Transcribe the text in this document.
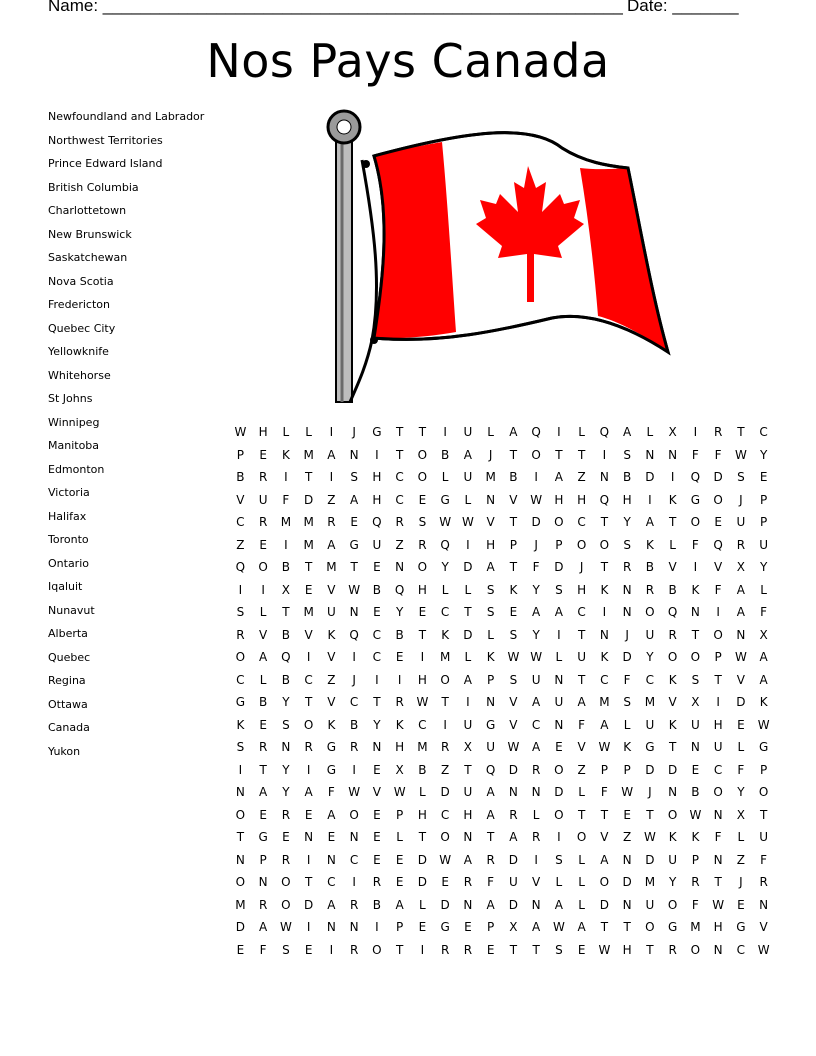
Name: _______________________________________________________ Date: _______
Nos Pays Canada
Newfoundland and Labrador
Northwest Territories
Prince Edward Island
British Columbia
Charlottetown
New Brunswick
Saskatchewan
Nova Scotia
Fredericton
Quebec City
Yellowknife
Whitehorse
St Johns
Winnipeg
Manitoba
Edmonton
Victoria
Halifax
Toronto
Ontario
Iqaluit
Nunavut
Alberta
Quebec
Regina
Ottawa
Canada
Yukon
W	H	L	L	I	J	G	T	T	I	U	L	A	Q	I	L	Q	A	L	X	I	R	T	C
P	E	K	M	A	N	I	T	O	B	A	J	T	O	T	T	I	S	N	N	F	F	W	Y
B	R	I	T	I	S	H	C	O	L	U	M	B	I	A	Z	N	B	D	I	Q	D	S	E
V	U	F	D	Z	A	H	C	E	G	L	N	V	W	H	H	Q	H	I	K	G	O	J	P
C	R	M	M	R	E	Q	R	S	W	W	V	T	D	O	C	T	Y	A	T	O	E	U	P
Z	E	I	M	A	G	U	Z	R	Q	I	H	P	J	P	O	O	S	K	L	F	Q	R	U
Q	O	B	T	M	T	E	N	O	Y	D	A	T	F	D	J	T	R	B	V	I	V	X	Y
I	I	X	E	V	W	B	Q	H	L	L	S	K	Y	S	H	K	N	R	B	K	F	A	L
S	L	T	M	U	N	E	Y	E	C	T	S	E	A	A	C	I	N	O	Q	N	I	A	F
R	V	B	V	K	Q	C	B	T	K	D	L	S	Y	I	T	N	J	U	R	T	O	N	X
O	A	Q	I	V	I	C	E	I	M	L	K	W	W	L	U	K	D	Y	O	O	P	W	A
C	L	B	C	Z	J	I	I	H	O	A	P	S	U	N	T	C	F	C	K	S	T	V	A
G	B	Y	T	V	C	T	R	W	T	I	N	V	A	U	A	M	S	M	V	X	I	D	K
K	E	S	O	K	B	Y	K	C	I	U	G	V	C	N	F	A	L	U	K	U	H	E	W
S	R	N	R	G	R	N	H	M	R	X	U	W	A	E	V	W	K	G	T	N	U	L	G
I	T	Y	I	G	I	E	X	B	Z	T	Q	D	R	O	Z	P	P	D	D	E	C	F	P
N	A	Y	A	F	W	V	W	L	D	U	A	N	N	D	L	F	W	J	N	B	O	Y	O
O	E	R	E	A	O	E	P	H	C	H	A	R	L	O	T	T	E	T	O	W	N	X	T
T	G	E	N	E	N	E	L	T	O	N	T	A	R	I	O	V	Z	W	K	K	F	L	U
N	P	R	I	N	C	E	E	D	W	A	R	D	I	S	L	A	N	D	U	P	N	Z	F
O	N	O	T	C	I	R	E	D	E	R	F	U	V	L	L	O	D	M	Y	R	T	J	R
M	R	O	D	A	R	B	A	L	D	N	A	D	N	A	L	D	N	U	O	F	W	E	N
D	A	W	I	N	N	I	P	E	G	E	P	X	A	W	A	T	T	O	G	M	H	G	V
E	F	S	E	I	R	O	T	I	R	R	E	T	T	S	E	W	H	T	R	O	N	C	W
